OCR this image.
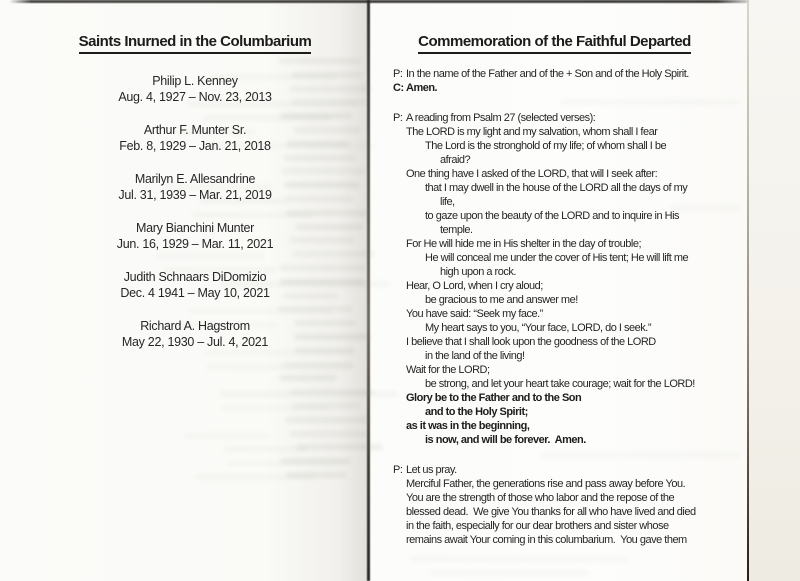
Saints Inurned in the Columbarium
Philip L. Kenney
Aug. 4, 1927 – Nov. 23, 2013
Arthur F. Munter Sr.
Feb. 8, 1929 – Jan. 21, 2018
Marilyn E. Allesandrine
Jul. 31, 1939 – Mar. 21, 2019
Mary Bianchini Munter
Jun. 16, 1929 – Mar. 11, 2021
Judith Schnaars DiDomizio
Dec. 4 1941 – May 10, 2021
Richard A. Hagstrom
May 22, 1930 – Jul. 4, 2021
Commemoration of the Faithful Departed
P: In the name of the Father and of the + Son and of the Holy Spirit.
C: Amen.
P: A reading from Psalm 27 (selected verses):
The LORD is my light and my salvation, whom shall I fear
The Lord is the stronghold of my life; of whom shall I be
afraid?
One thing have I asked of the LORD, that will I seek after:
that I may dwell in the house of the LORD all the days of my
life,
to gaze upon the beauty of the LORD and to inquire in His
temple.
For He will hide me in His shelter in the day of trouble;
He will conceal me under the cover of His tent; He will lift me
high upon a rock.
Hear, O Lord, when I cry aloud;
be gracious to me and answer me!
You have said: “Seek my face.”
My heart says to you, “Your face, LORD, do I seek.”
I believe that I shall look upon the goodness of the LORD
in the land of the living!
Wait for the LORD;
be strong, and let your heart take courage; wait for the LORD!
Glory be to the Father and to the Son
and to the Holy Spirit;
as it was in the beginning,
is now, and will be forever.  Amen.
P: Let us pray.
Merciful Father, the generations rise and pass away before You.
You are the strength of those who labor and the repose of the
blessed dead.  We give You thanks for all who have lived and died
in the faith, especially for our dear brothers and sister whose
remains await Your coming in this columbarium.  You gave them
